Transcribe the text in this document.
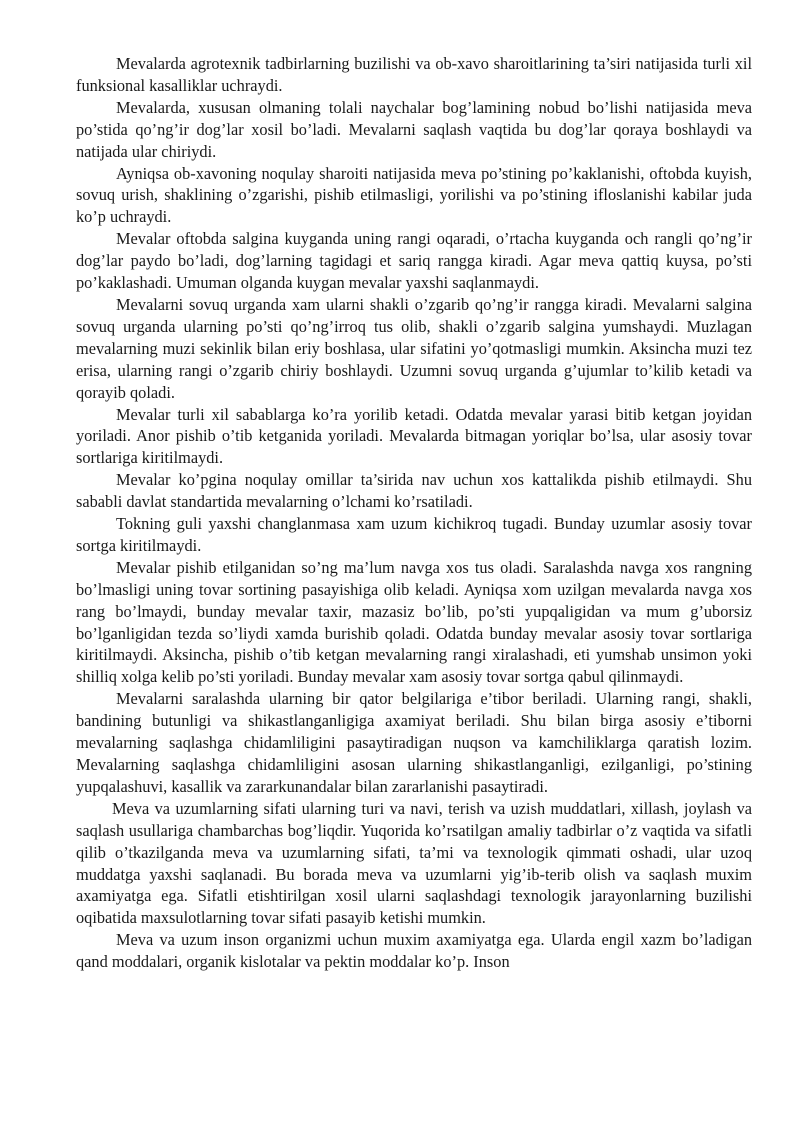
Mevalarda agrotexnik tadbirlarning buzilishi va ob-xavo sharoitlarining ta’siri natijasida turli xil funksional kasalliklar uchraydi.

Mevalarda, xususan olmaning tolali naychalar bog’lamining nobud bo’lishi natijasida meva po’stida qo’ng’ir dog’lar xosil bo’ladi. Mevalarni saqlash vaqtida bu dog’lar qoraya boshlaydi va natijada ular chiriydi.

Ayniqsa ob-xavoning noqulay sharoiti natijasida meva po’stining po’kaklanishi, oftobda kuyish, sovuq urish, shaklining o’zgarishi, pishib etilmasligi, yorilishi va po’stining ifloslanishi kabilar juda ko’p uchraydi.

Mevalar oftobda salgina kuyganda uning rangi oqaradi, o’rtacha kuyganda och rangli qo’ng’ir dog’lar paydo bo’ladi, dog’larning tagidagi et sariq rangga kiradi. Agar meva qattiq kuysa, po’sti po’kaklashadi. Umuman olganda kuygan mevalar yaxshi saqlanmaydi.

Mevalarni sovuq urganda xam ularni shakli o’zgarib qo’ng’ir rangga kiradi. Mevalarni salgina sovuq urganda ularning po’sti qo’ng’irroq tus olib, shakli o’zgarib salgina yumshaydi. Muzlagan mevalarning muzi sekinlik bilan eriy boshlasa, ular sifatini yo’qotmasligi mumkin. Aksincha muzi tez erisa, ularning rangi o’zgarib chiriy boshlaydi. Uzumni sovuq urganda g’ujumlar to’kilib ketadi va qorayib qoladi.

Mevalar turli xil sabablarga ko’ra yorilib ketadi. Odatda mevalar yarasi bitib ketgan joyidan yoriladi. Anor pishib o’tib ketganida yoriladi. Mevalarda bitmagan yoriqlar bo’lsa, ular asosiy tovar sortlariga kiritilmaydi.

Mevalar ko’pgina noqulay omillar ta’sirida nav uchun xos kattalikda pishib etilmaydi. Shu sababli davlat standartida mevalarning o’lchami ko’rsatiladi.

Tokning guli yaxshi changlanmasa xam uzum kichikroq tugadi. Bunday uzumlar asosiy tovar sortga kiritilmaydi.

Mevalar pishib etilganidan so’ng ma’lum navga xos tus oladi. Saralashda navga xos rangning bo’lmasligi uning tovar sortining pasayishiga olib keladi. Ayniqsa xom uzilgan mevalarda navga xos rang bo’lmaydi, bunday mevalar taxir, mazasiz bo’lib, po’sti yupqaligidan va mum g’uborsiz bo’lganligidan tezda so’liydi xamda burishib qoladi. Odatda bunday mevalar asosiy tovar sortlariga kiritilmaydi. Aksincha, pishib o’tib ketgan mevalarning rangi xiralashadi, eti yumshab unsimon yoki shilliq xolga kelib po’sti yoriladi. Bunday mevalar xam asosiy tovar sortga qabul qilinmaydi.

Mevalarni saralashda ularning bir qator belgilariga e’tibor beriladi. Ularning rangi, shakli, bandining butunligi va shikastlanganligiga axamiyat beriladi. Shu bilan birga asosiy e’tiborni mevalarning saqlashga chidamliligini pasaytiradigan nuqson va kamchiliklarga qaratish lozim. Mevalarning saqlashga chidamliligini asosan ularning shikastlanganligi, ezilganligi, po’stining yupqalashuvi, kasallik va zararkunandalar bilan zararlanishi pasaytiradi.

Meva va uzumlarning sifati ularning turi va navi, terish va uzish muddatlari, xillash, joylash va saqlash usullariga chambarchas bog’liqdir. Yuqorida ko’rsatilgan amaliy tadbirlar o’z vaqtida va sifatli qilib o’tkazilganda meva va uzumlarning sifati, ta’mi va texnologik qimmati oshadi, ular uzoq muddatga yaxshi saqlanadi. Bu borada meva va uzumlarni yig’ib-terib olish va saqlash muxim axamiyatga ega. Sifatli etishtirilgan xosil ularni saqlashdagi texnologik jarayonlarning buzilishi oqibatida maxsulotlarning tovar sifati pasayib ketishi mumkin.

Meva va uzum inson organizmi uchun muxim axamiyatga ega. Ularda engil xazm bo’ladigan qand moddalari, organik kislotalar va pektin moddalar ko’p. Inson
